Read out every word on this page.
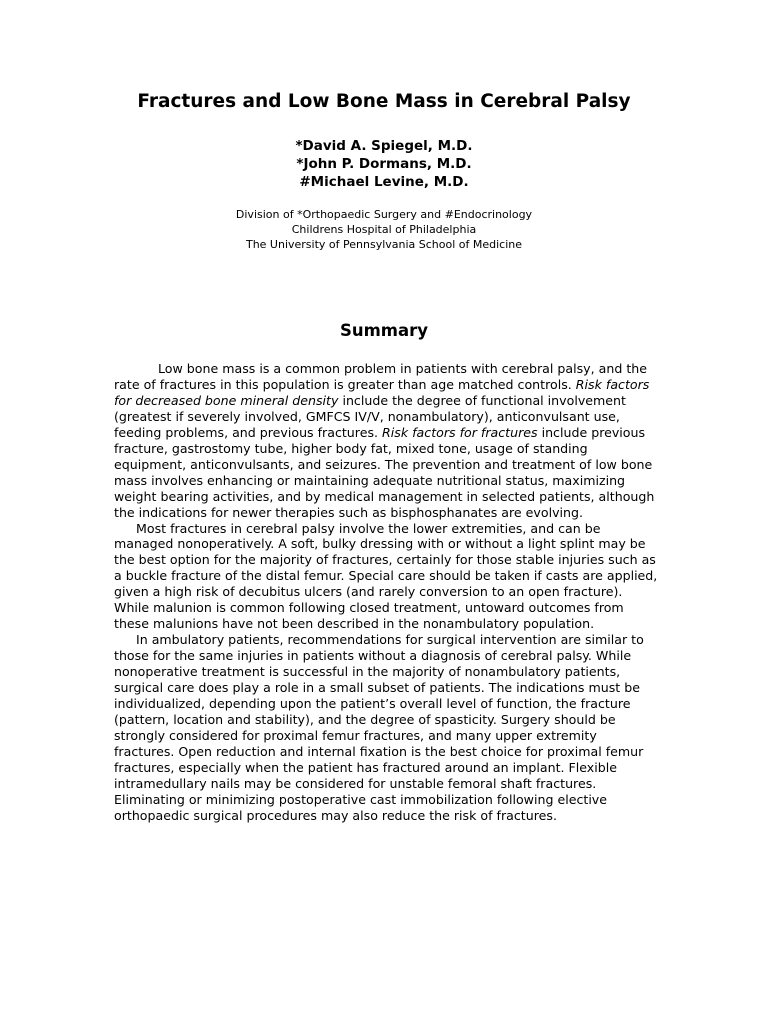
Fractures and Low Bone Mass in Cerebral Palsy
*David A. Spiegel, M.D.
*John P. Dormans, M.D.
#Michael Levine, M.D.
Division of *Orthopaedic Surgery and #Endocrinology
Childrens Hospital of Philadelphia
The University of Pennsylvania School of Medicine
Summary

Low bone mass is a common problem in patients with cerebral palsy, and the rate of fractures in this population is greater than age matched controls. Risk factors for decreased bone mineral density include the degree of functional involvement (greatest if severely involved, GMFCS IV/V, nonambulatory), anticonvulsant use, feeding problems, and previous fractures. Risk factors for fractures include previous fracture, gastrostomy tube, higher body fat, mixed tone, usage of standing equipment, anticonvulsants, and seizures. The prevention and treatment of low bone mass involves enhancing or maintaining adequate nutritional status, maximizing weight bearing activities, and by medical management in selected patients, although the indications for newer therapies such as bisphosphanates are evolving.

Most fractures in cerebral palsy involve the lower extremities, and can be managed nonoperatively. A soft, bulky dressing with or without a light splint may be the best option for the majority of fractures, certainly for those stable injuries such as a buckle fracture of the distal femur. Special care should be taken if casts are applied, given a high risk of decubitus ulcers (and rarely conversion to an open fracture). While malunion is common following closed treatment, untoward outcomes from these malunions have not been described in the nonambulatory population.

In ambulatory patients, recommendations for surgical intervention are similar to those for the same injuries in patients without a diagnosis of cerebral palsy. While nonoperative treatment is successful in the majority of nonambulatory patients, surgical care does play a role in a small subset of patients. The indications must be individualized, depending upon the patient’s overall level of function, the fracture (pattern, location and stability), and the degree of spasticity. Surgery should be strongly considered for proximal femur fractures, and many upper extremity fractures. Open reduction and internal fixation is the best choice for proximal femur fractures, especially when the patient has fractured around an implant. Flexible intramedullary nails may be considered for unstable femoral shaft fractures. Eliminating or minimizing postoperative cast immobilization following elective orthopaedic surgical procedures may also reduce the risk of fractures.
